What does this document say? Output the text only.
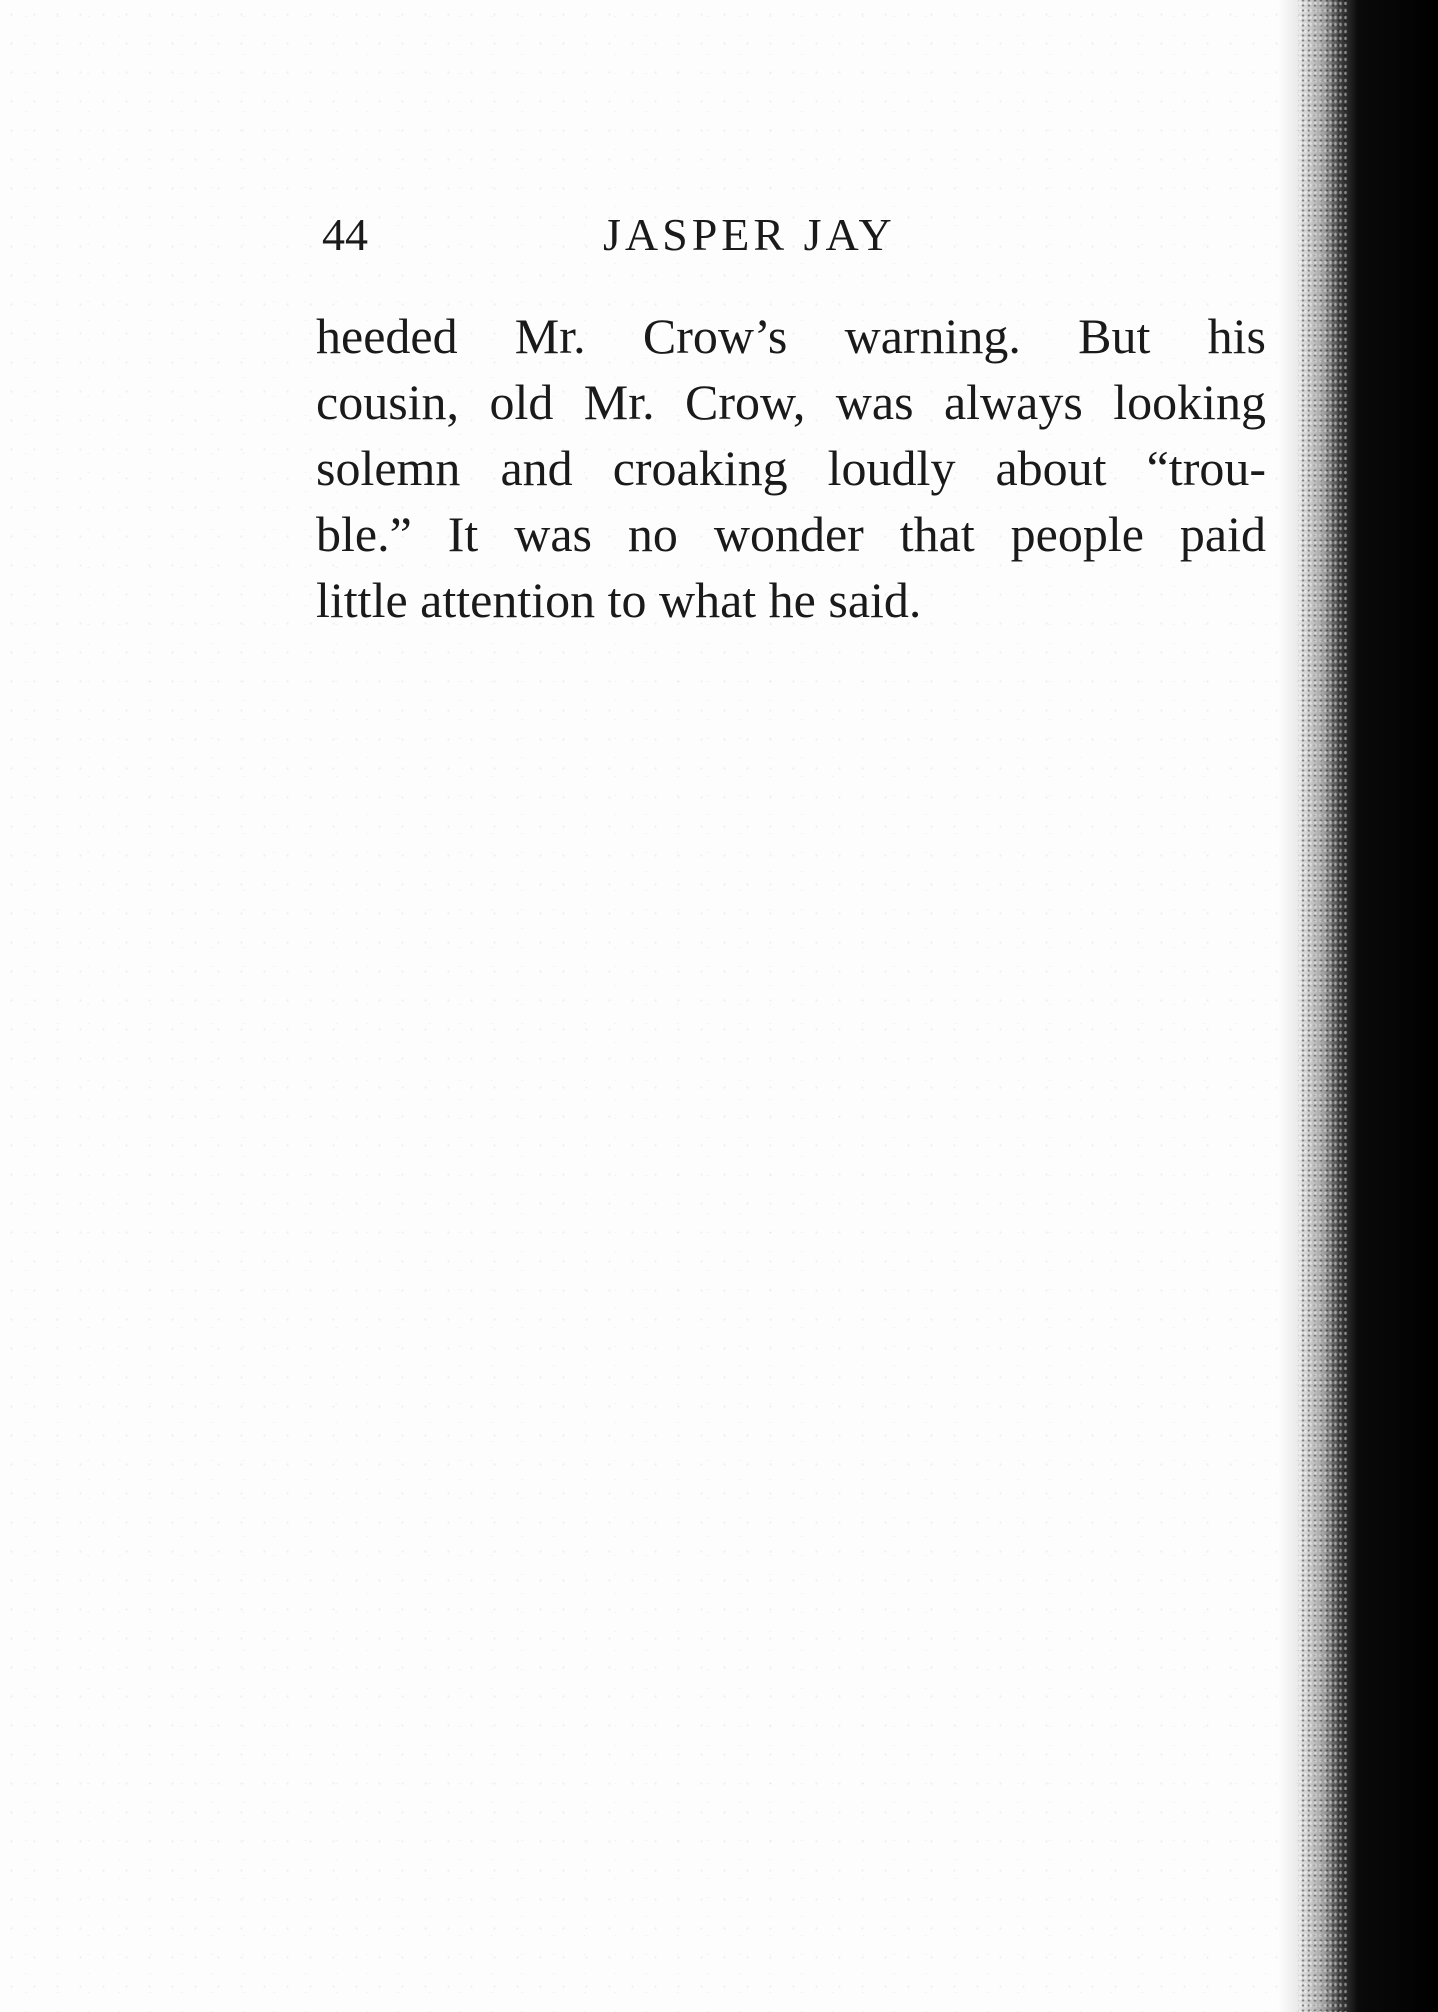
44	JASPER JAY
heeded Mr. Crow’s warning. But his
cousin, old Mr. Crow, was always looking
solemn and croaking loudly about “trou-
ble.” It was no wonder that people paid
little attention to what he said.
